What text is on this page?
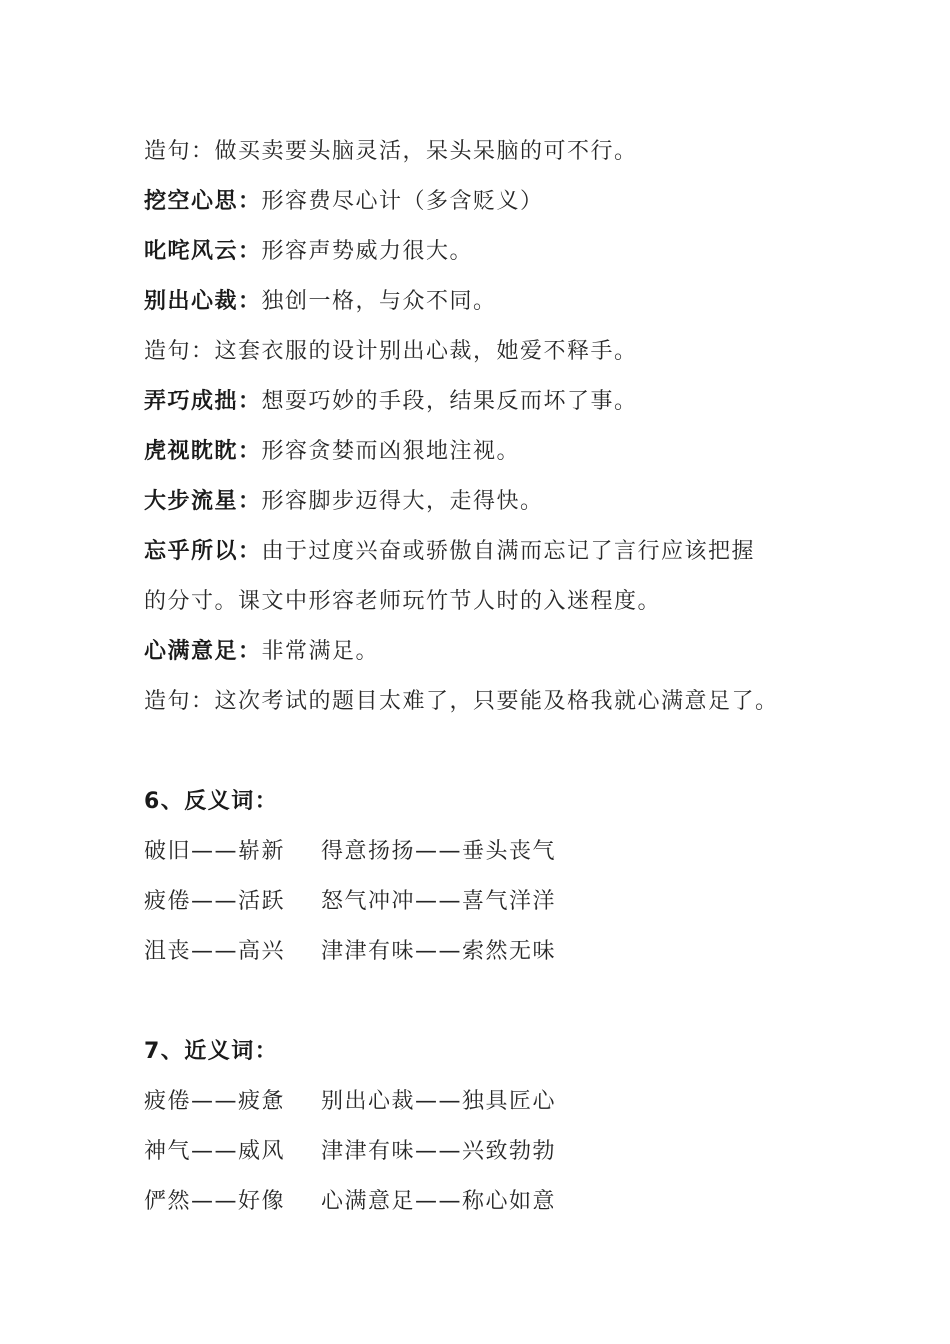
造句：做买卖要头脑灵活，呆头呆脑的可不行。
挖空心思：形容费尽心计（多含贬义）
叱咤风云：形容声势威力很大。
别出心裁：独创一格，与众不同。
造句：这套衣服的设计别出心裁，她爱不释手。
弄巧成拙：想耍巧妙的手段，结果反而坏了事。
虎视眈眈：形容贪婪而凶狠地注视。
大步流星：形容脚步迈得大，走得快。
忘乎所以：由于过度兴奋或骄傲自满而忘记了言行应该把握
的分寸。课文中形容老师玩竹节人时的入迷程度。
心满意足：非常满足。
造句：这次考试的题目太难了，只要能及格我就心满意足了。
6、反义词：
破旧——崭新 得意扬扬——垂头丧气
疲倦——活跃 怒气冲冲——喜气洋洋
沮丧——高兴 津津有味——索然无味
7、近义词：
疲倦——疲惫 别出心裁——独具匠心
神气——威风 津津有味——兴致勃勃
俨然——好像 心满意足——称心如意
